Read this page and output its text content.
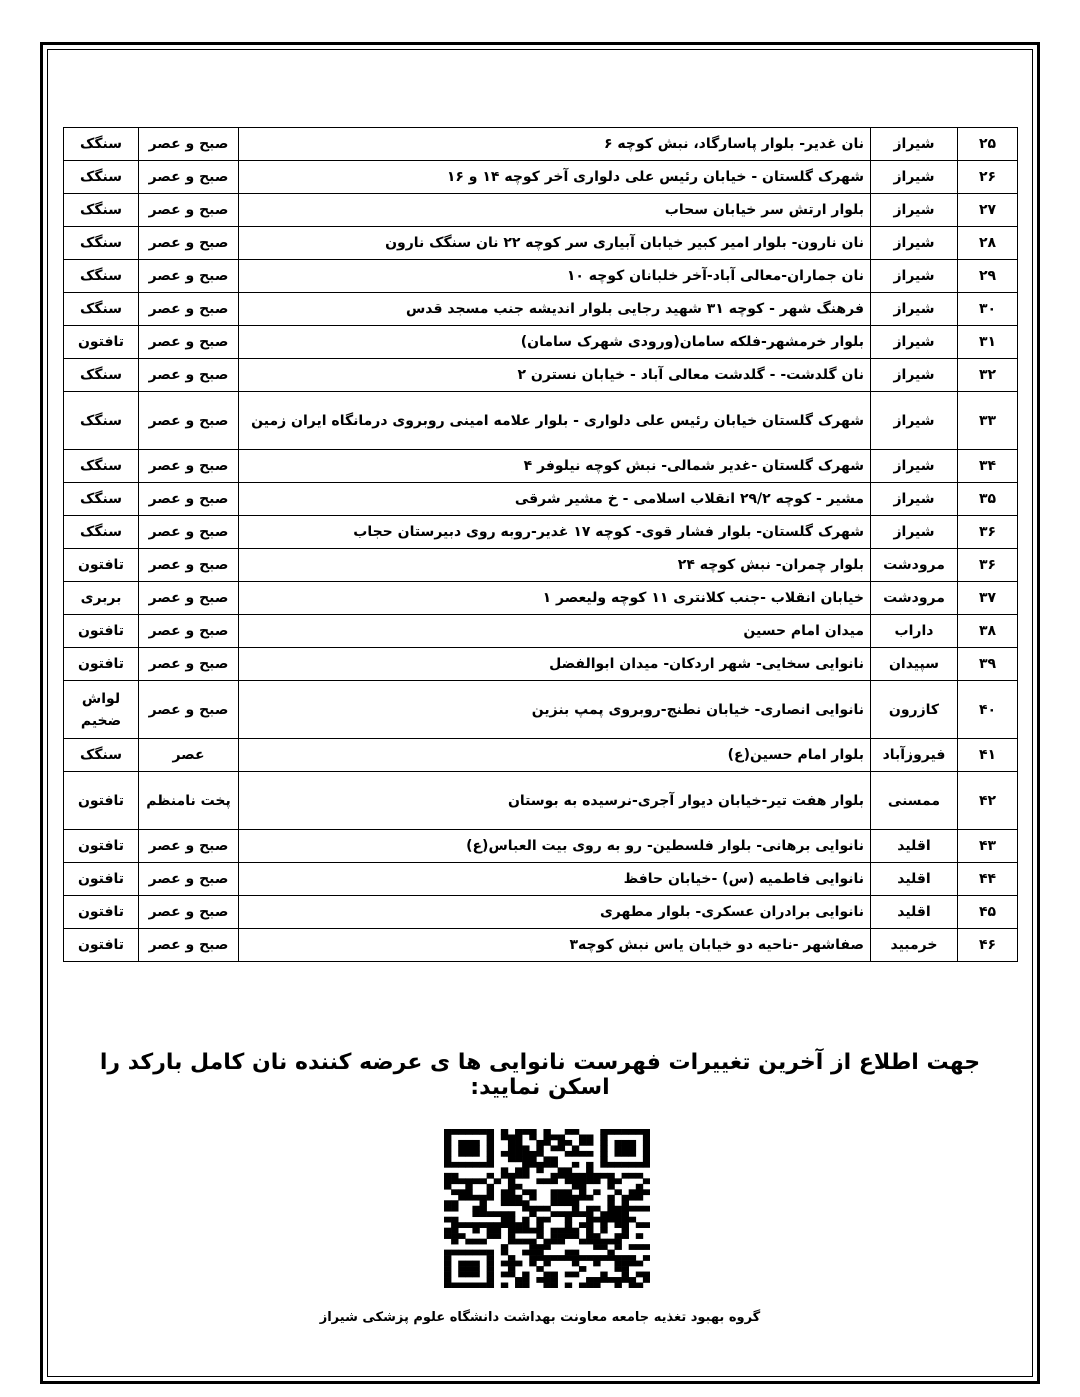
۲۵	شیراز	نان غدیر- بلوار پاسارگاد، نبش کوچه ۶	صبح و عصر	سنگک
۲۶	شیراز	شهرک گلستان - خیابان رئیس علی دلواری آخر کوچه ۱۴ و ۱۶	صبح و عصر	سنگک
۲۷	شیراز	بلوار ارتش سر خیابان سحاب	صبح و عصر	سنگک
۲۸	شیراز	نان نارون- بلوار امیر کبیر خیابان آبیاری سر کوچه ۲۲ نان سنگک نارون	صبح و عصر	سنگک
۲۹	شیراز	نان جماران-معالی آباد-آخر خلبانان کوچه ۱۰	صبح و عصر	سنگک
۳۰	شیراز	فرهنگ شهر - کوچه ۳۱ شهید رجایی بلوار اندیشه جنب مسجد قدس	صبح و عصر	سنگک
۳۱	شیراز	بلوار خرمشهر-فلکه سامان(ورودی شهرک سامان)	صبح و عصر	تافتون
۳۲	شیراز	نان گلدشت- - گلدشت معالی آباد - خیابان نسترن ۲	صبح و عصر	سنگک
۳۳	شیراز	شهرک گلستان خیابان رئیس علی دلواری - بلوار علامه امینی روبروی درمانگاه ایران زمین	صبح و عصر	سنگک
۳۴	شیراز	شهرک گلستان -غدیر شمالی- نبش کوچه نیلوفر ۴	صبح و عصر	سنگک
۳۵	شیراز	مشیر - کوچه ۲۹/۲ انقلاب اسلامی - خ مشیر شرقی	صبح و عصر	سنگک
۳۶	شیراز	شهرک گلستان- بلوار فشار قوی- کوچه ۱۷ غدیر-روبه روی دبیرستان حجاب	صبح و عصر	سنگک
۳۶	مرودشت	بلوار چمران- نبش کوچه ۲۴	صبح و عصر	تافتون
۳۷	مرودشت	خیابان انقلاب -جنب کلانتری ۱۱ کوچه ولیعصر ۱	صبح و عصر	بربری
۳۸	داراب	میدان امام حسین	صبح و عصر	تافتون
۳۹	سپیدان	نانوایی سخایی- شهر اردکان- میدان ابوالفضل	صبح و عصر	تافتون
۴۰	کازرون	نانوایی انصاری- خیابان نطنج-روبروی پمپ بنزین	صبح و عصر	لواش ضخیم
۴۱	فیروزآباد	بلوار امام حسین(ع)	عصر	سنگک
۴۲	ممسنی	بلوار هفت تیر-خیابان دیوار آجری-نرسیده به بوستان	پخت نامنظم	تافتون
۴۳	اقلید	نانوایی برهانی- بلوار فلسطین- رو به روی بیت العباس(ع)	صبح و عصر	تافتون
۴۴	اقلید	نانوایی فاطمیه (س) -خیابان حافظ	صبح و عصر	تافتون
۴۵	اقلید	نانوایی برادران عسکری- بلوار مطهری	صبح و عصر	تافتون
۴۶	خرمبید	صفاشهر -ناحیه دو خیابان یاس نبش کوچه۳	صبح و عصر	تافتون
جهت اطلاع از آخرین تغییرات فهرست نانوایی ها ی عرضه کننده نان کامل بارکد را اسکن نمایید:
گروه بهبود تغذیه جامعه معاونت بهداشت دانشگاه علوم پزشکی شیراز
